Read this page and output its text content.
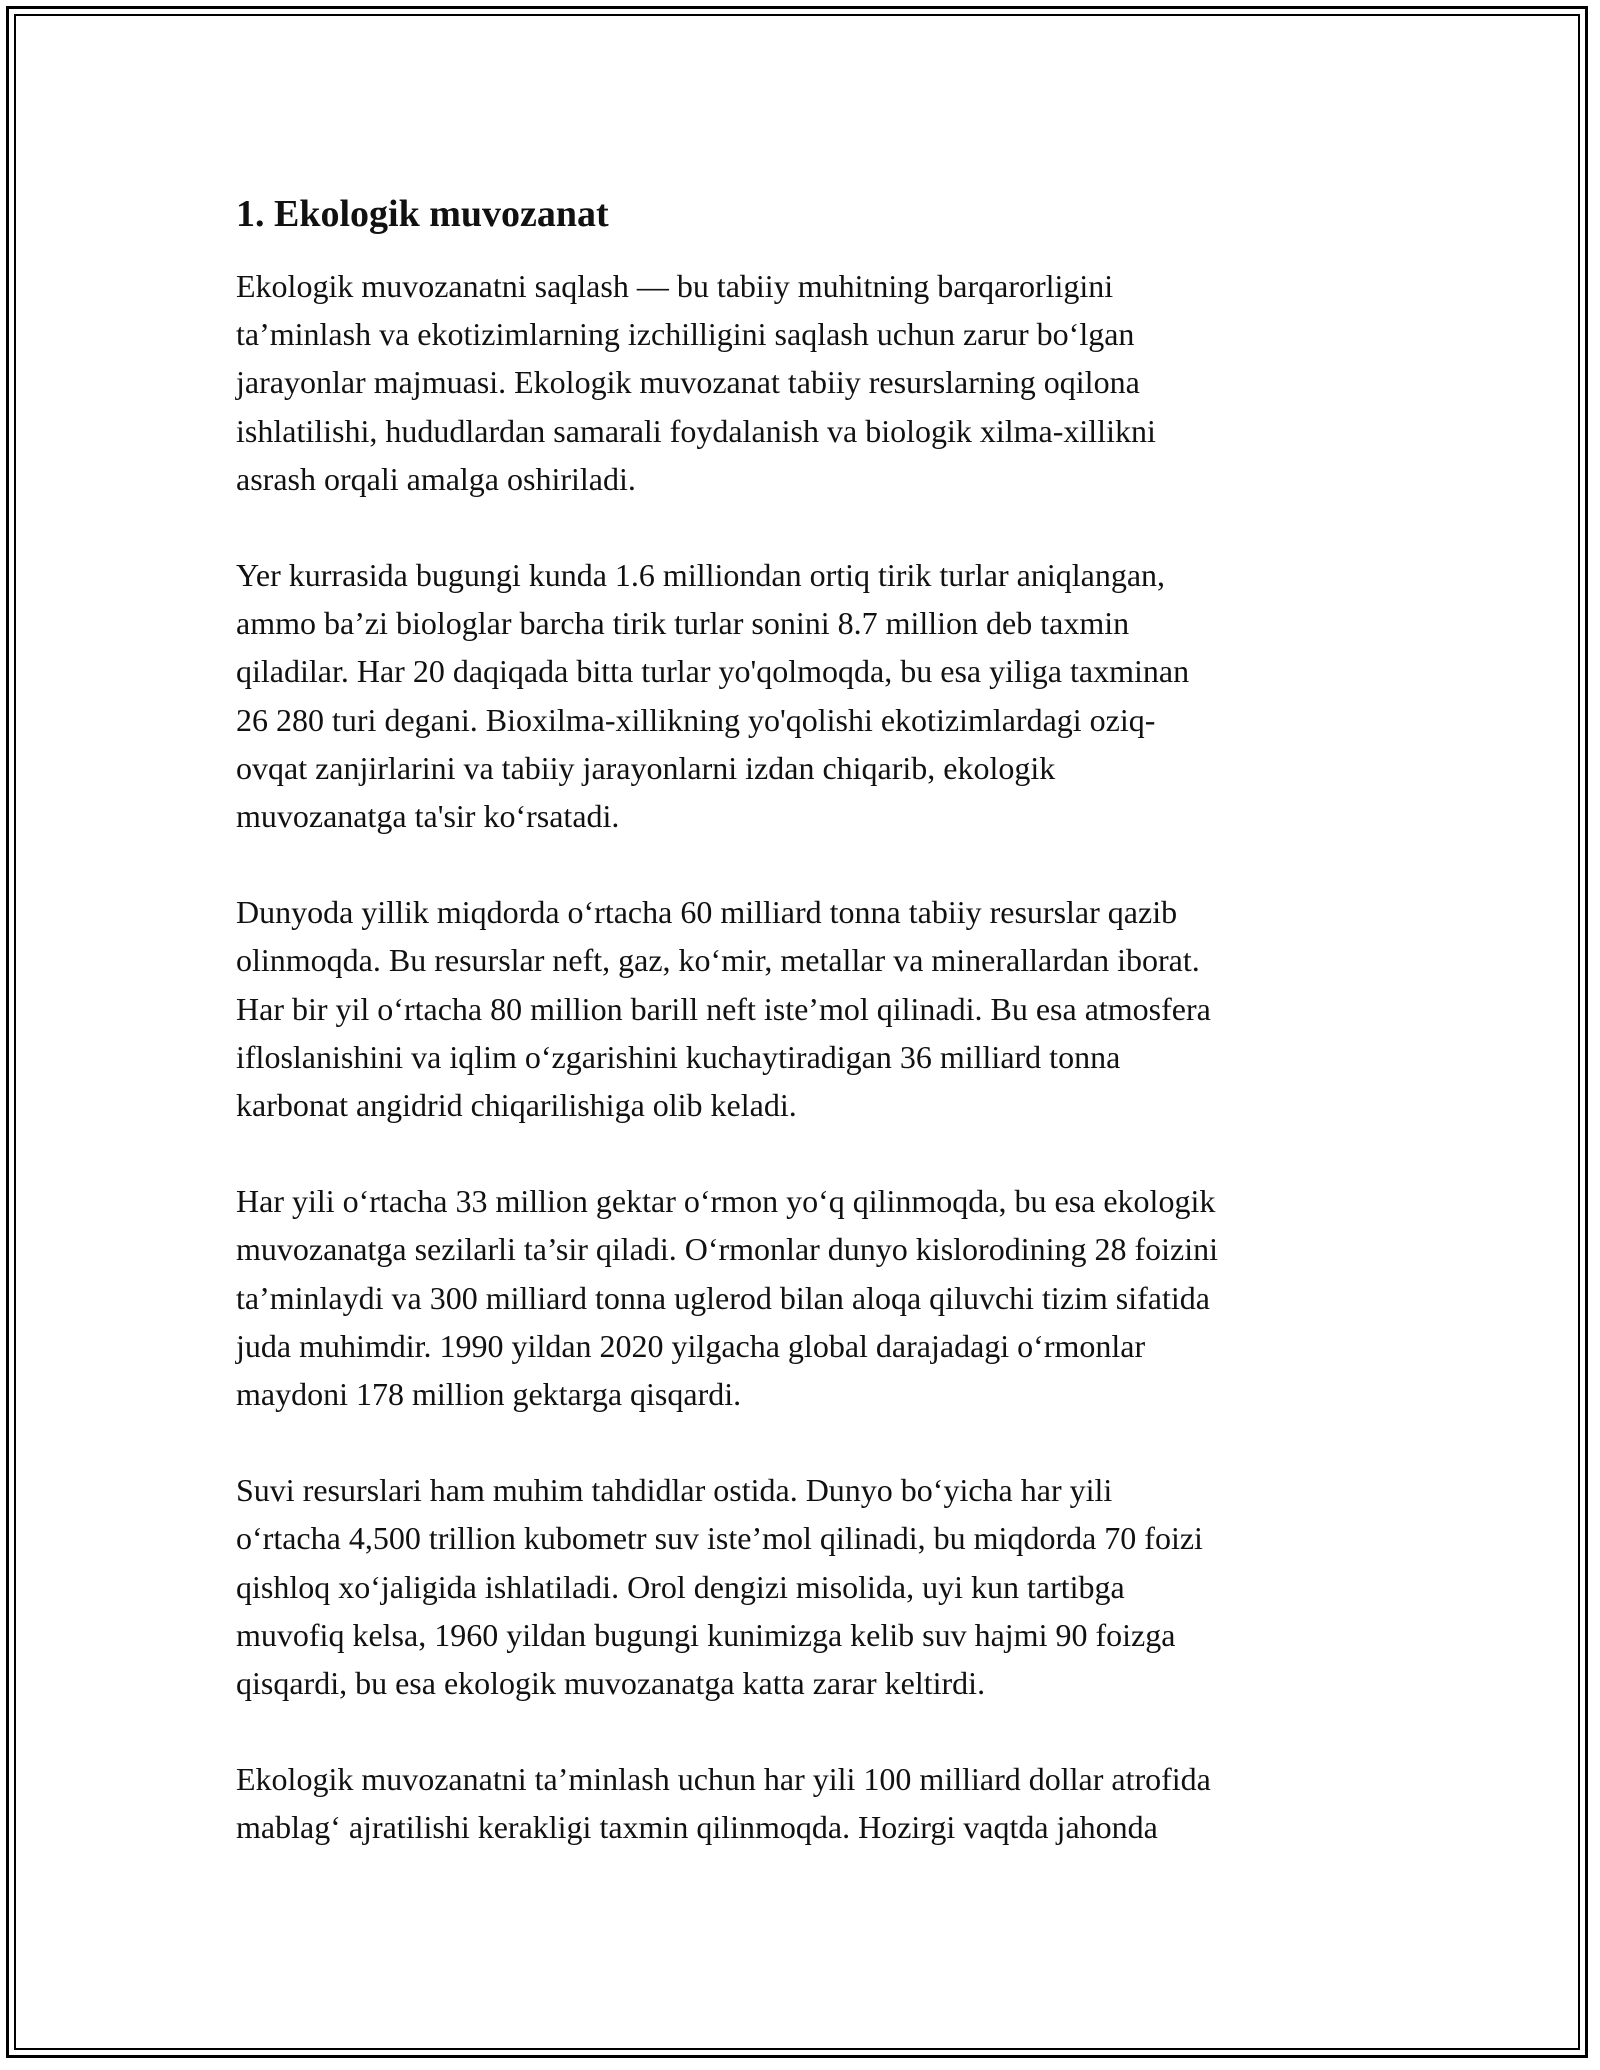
1. Ekologik muvozanat

Ekologik muvozanatni saqlash — bu tabiiy muhitning barqarorligini
ta’minlash va ekotizimlarning izchilligini saqlash uchun zarur bo‘lgan
jarayonlar majmuasi. Ekologik muvozanat tabiiy resurslarning oqilona
ishlatilishi, hududlardan samarali foydalanish va biologik xilma-xillikni
asrash orqali amalga oshiriladi.

Yer kurrasida bugungi kunda 1.6 milliondan ortiq tirik turlar aniqlangan,
ammo ba’zi biologlar barcha tirik turlar sonini 8.7 million deb taxmin
qiladilar. Har 20 daqiqada bitta turlar yo'qolmoqda, bu esa yiliga taxminan
26 280 turi degani. Bioxilma-xillikning yo'qolishi ekotizimlardagi oziq-
ovqat zanjirlarini va tabiiy jarayonlarni izdan chiqarib, ekologik
muvozanatga ta'sir ko‘rsatadi.

Dunyoda yillik miqdorda o‘rtacha 60 milliard tonna tabiiy resurslar qazib
olinmoqda. Bu resurslar neft, gaz, ko‘mir, metallar va minerallardan iborat.
Har bir yil o‘rtacha 80 million barill neft iste’mol qilinadi. Bu esa atmosfera
ifloslanishini va iqlim o‘zgarishini kuchaytiradigan 36 milliard tonna
karbonat angidrid chiqarilishiga olib keladi.

Har yili o‘rtacha 33 million gektar o‘rmon yo‘q qilinmoqda, bu esa ekologik
muvozanatga sezilarli ta’sir qiladi. O‘rmonlar dunyo kislorodining 28 foizini
ta’minlaydi va 300 milliard tonna uglerod bilan aloqa qiluvchi tizim sifatida
juda muhimdir. 1990 yildan 2020 yilgacha global darajadagi o‘rmonlar
maydoni 178 million gektarga qisqardi.

Suvi resurslari ham muhim tahdidlar ostida. Dunyo bo‘yicha har yili
o‘rtacha 4,500 trillion kubometr suv iste’mol qilinadi, bu miqdorda 70 foizi
qishloq xo‘jaligida ishlatiladi. Orol dengizi misolida, uyi kun tartibga
muvofiq kelsa, 1960 yildan bugungi kunimizga kelib suv hajmi 90 foizga
qisqardi, bu esa ekologik muvozanatga katta zarar keltirdi.

Ekologik muvozanatni ta’minlash uchun har yili 100 milliard dollar atrofida
mablag‘ ajratilishi kerakligi taxmin qilinmoqda. Hozirgi vaqtda jahonda
